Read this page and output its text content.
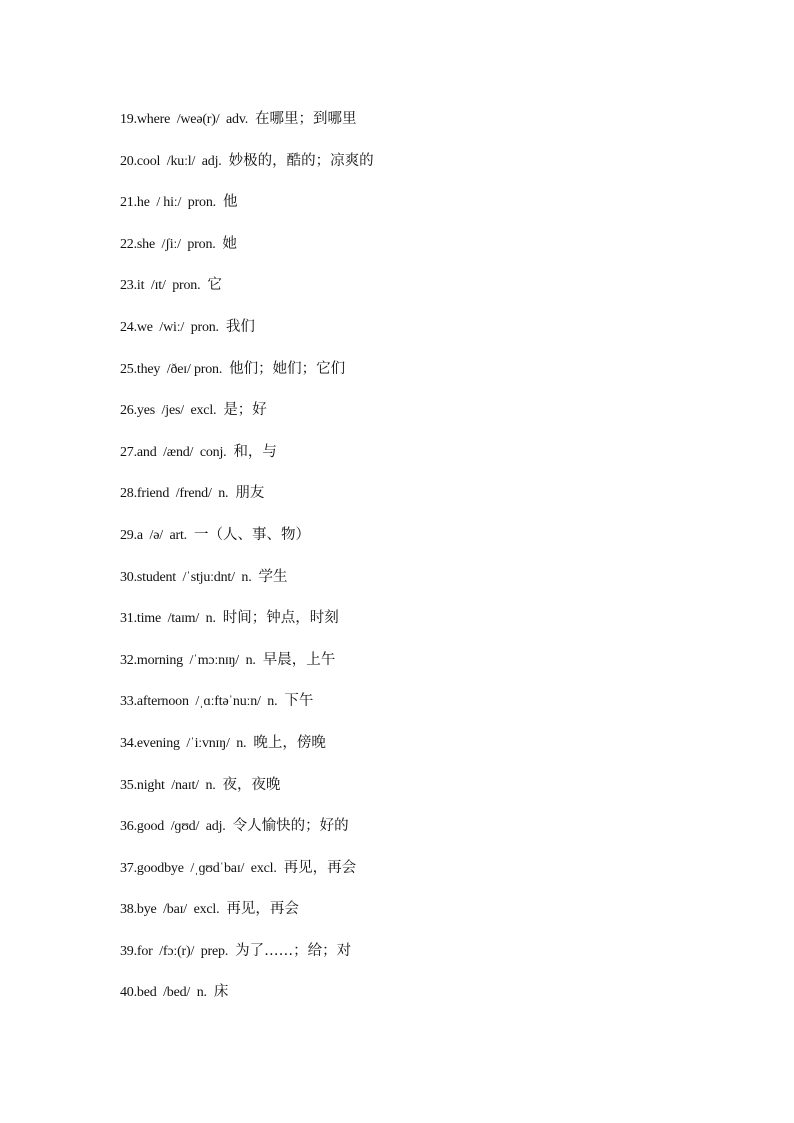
19.where  /weə(r)/  adv. 在哪里；到哪里
20.cool  /kuːl/  adj. 妙极的，酷的；凉爽的
21.he  / hiː/  pron. 他
22.she  /ʃiː/  pron. 她
23.it  /ɪt/  pron. 它
24.we  /wiː/  pron. 我们
25.they  /ðeɪ/ pron. 他们；她们；它们
26.yes  /jes/  excl. 是；好
27.and  /ænd/  conj. 和，与
28.friend  /frend/  n. 朋友
29.a  /ə/  art. 一（人、事、物）
30.student  /ˈstjuːdnt/  n. 学生
31.time  /taɪm/  n. 时间；钟点，时刻
32.morning  /ˈmɔːnɪŋ/  n. 早晨，上午
33.afternoon  /ˌɑːftəˈnuːn/  n. 下午
34.evening  /ˈiːvnɪŋ/  n. 晚上，傍晚
35.night  /naɪt/  n. 夜，夜晚
36.good  /ɡʊd/  adj. 令人愉快的；好的
37.goodbye  /ˌɡʊdˈbaɪ/  excl. 再见，再会
38.bye  /baɪ/  excl. 再见，再会
39.for  /fɔː(r)/  prep. 为了……；给；对
40.bed  /bed/  n. 床
